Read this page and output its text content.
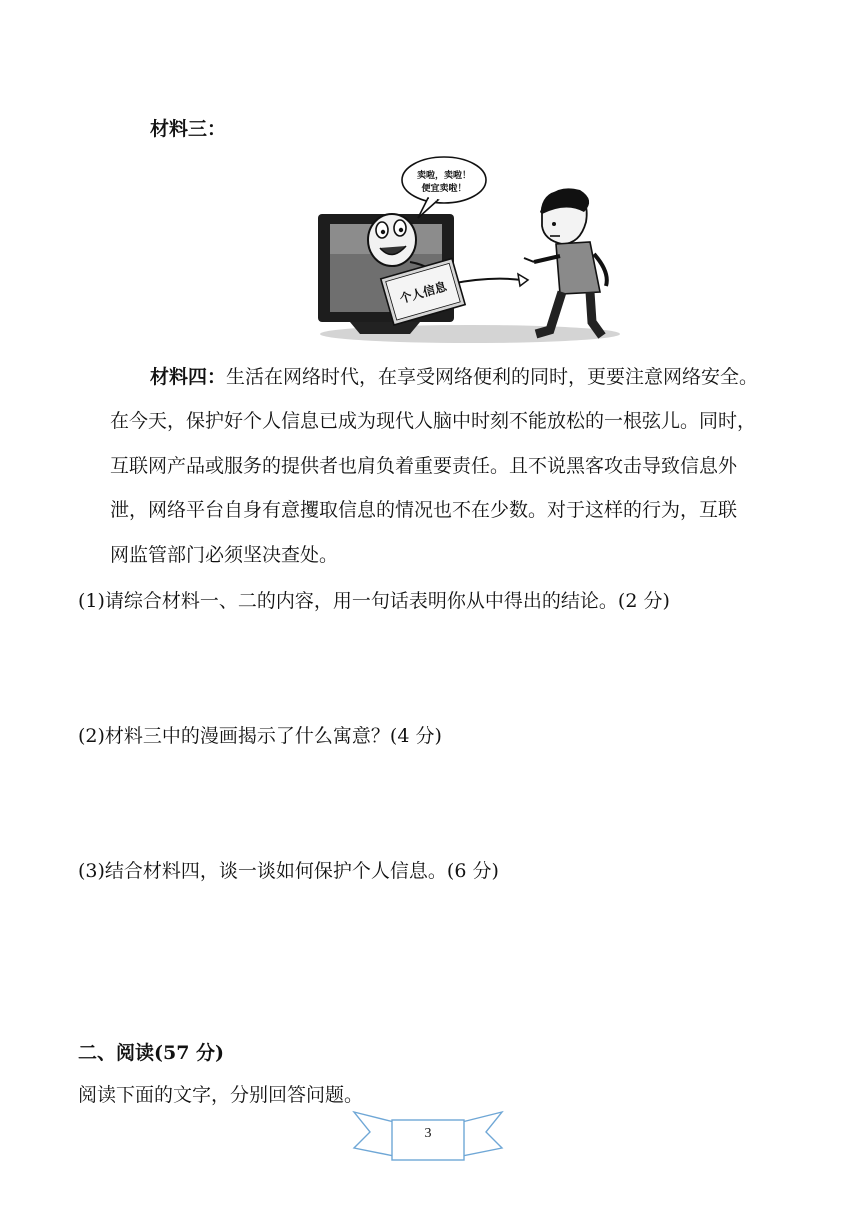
材料三：
个人信息
卖啦，卖啦！
便宜卖啦！
材料四：生活在网络时代，在享受网络便利的同时，更要注意网络安全。
在今天，保护好个人信息已成为现代人脑中时刻不能放松的一根弦儿。同时，
互联网产品或服务的提供者也肩负着重要责任。且不说黑客攻击导致信息外
泄，网络平台自身有意攫取信息的情况也不在少数。对于这样的行为，互联
网监管部门必须坚决查处。
(1)请综合材料一、二的内容，用一句话表明你从中得出的结论。(2 分)
(2)材料三中的漫画揭示了什么寓意？(4 分)
(3)结合材料四，谈一谈如何保护个人信息。(6 分)
二、阅读(57 分)
阅读下面的文字，分别回答问题。
3
